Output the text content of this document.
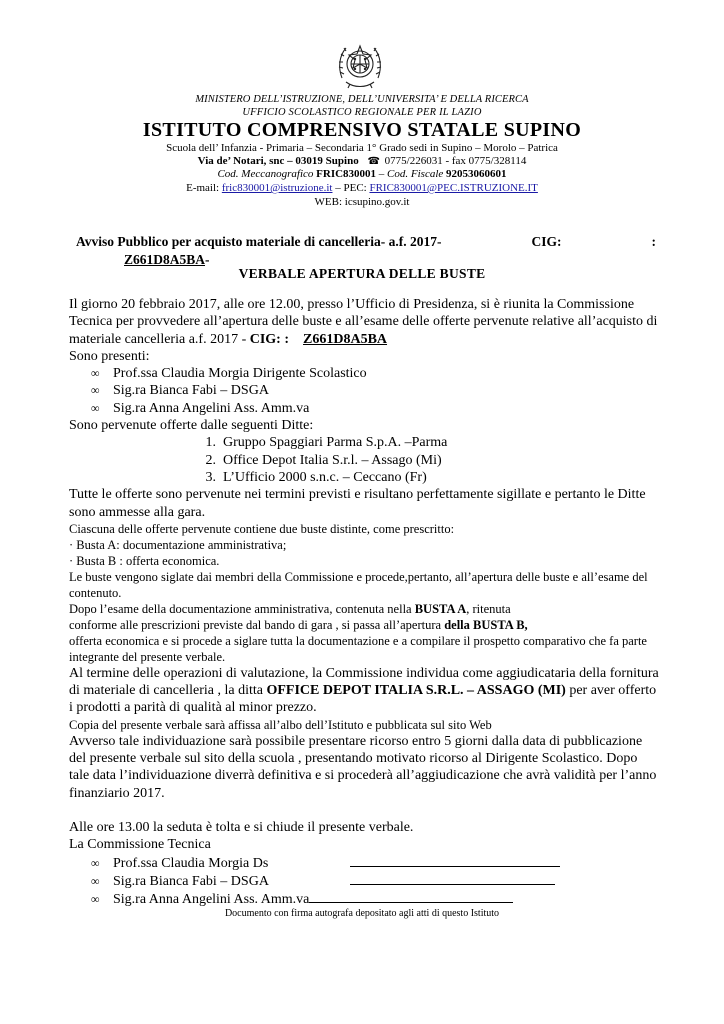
MINISTERO DELL’ISTRUZIONE, DELL’UNIVERSITA’ E DELLA RICERCA
UFFICIO SCOLASTICO REGIONALE PER IL LAZIO
ISTITUTO COMPRENSIVO STATALE SUPINO
Scuola dell’ Infanzia - Primaria – Secondaria 1° Grado sedi in Supino – Morolo – Patrica
Via de’ Notari, snc – 03019 Supino ☎ 0775/226031 - fax 0775/328114
Cod. Meccanografico FRIC830001 – Cod. Fiscale 92053060601
E-mail: fric830001@istruzione.it – PEC: FRIC830001@PEC.ISTRUZIONE.IT
WEB: icsupino.gov.it
Avviso Pubblico per acquisto materiale di cancelleria- a.f. 2017-	CIG:	:
Z661D8A5BA-
VERBALE APERTURA DELLE BUSTE

Il giorno 20 febbraio 2017, alle ore 12.00, presso l’Ufficio di Presidenza, si è riunita la Commissione Tecnica per provvedere all’apertura delle buste e all’esame delle offerte pervenute relative all’acquisto di materiale cancelleria a.f. 2017 - CIG: : Z661D8A5BA

Sono presenti:

∞ Prof.ssa Claudia Morgia Dirigente Scolastico
∞ Sig.ra Bianca Fabi – DSGA
∞ Sig.ra Anna Angelini Ass. Amm.va

Sono pervenute offerte dalle seguenti Ditte:

1. Gruppo Spaggiari Parma S.p.A. –Parma
2. Office Depot Italia S.r.l. – Assago (Mi)
3. L’Ufficio 2000 s.n.c. – Ceccano (Fr)

Tutte le offerte sono pervenute nei termini previsti e risultano perfettamente sigillate e pertanto le Ditte sono ammesse alla gara.

Ciascuna delle offerte pervenute contiene due buste distinte, come prescritto:

· Busta A: documentazione amministrativa;

· Busta B : offerta economica.

Le buste vengono siglate dai membri della Commissione e procede,pertanto, all’apertura delle buste e all’esame del contenuto.

Dopo l’esame della documentazione amministrativa, contenuta nella BUSTA A, ritenuta

conforme alle prescrizioni previste dal bando di gara , si passa all’apertura della BUSTA B,

offerta economica e si procede a siglare tutta la documentazione e a compilare il prospetto comparativo che fa parte integrante del presente verbale.

Al termine delle operazioni di valutazione, la Commissione individua come aggiudicataria della fornitura di materiale di cancelleria , la ditta OFFICE DEPOT ITALIA S.R.L. – ASSAGO (MI) per aver offerto i prodotti a parità di qualità al minor prezzo.

Copia del presente verbale sarà affissa all’albo dell’Istituto e pubblicata sul sito Web

Avverso tale individuazione sarà possibile presentare ricorso entro 5 giorni dalla data di pubblicazione del presente verbale sul sito della scuola , presentando motivato ricorso al Dirigente Scolastico. Dopo tale data l’individuazione diverrà definitiva e si procederà all’aggiudicazione che avrà validità per l’anno finanziario 2017.

Alle ore 13.00 la seduta è tolta e si chiude il presente verbale.

La Commissione Tecnica

∞ Prof.ssa Claudia Morgia Ds
∞ Sig.ra Bianca Fabi – DSGA
∞ Sig.ra Anna Angelini Ass. Amm.va
Documento con firma autografa depositato agli atti di questo Istituto
